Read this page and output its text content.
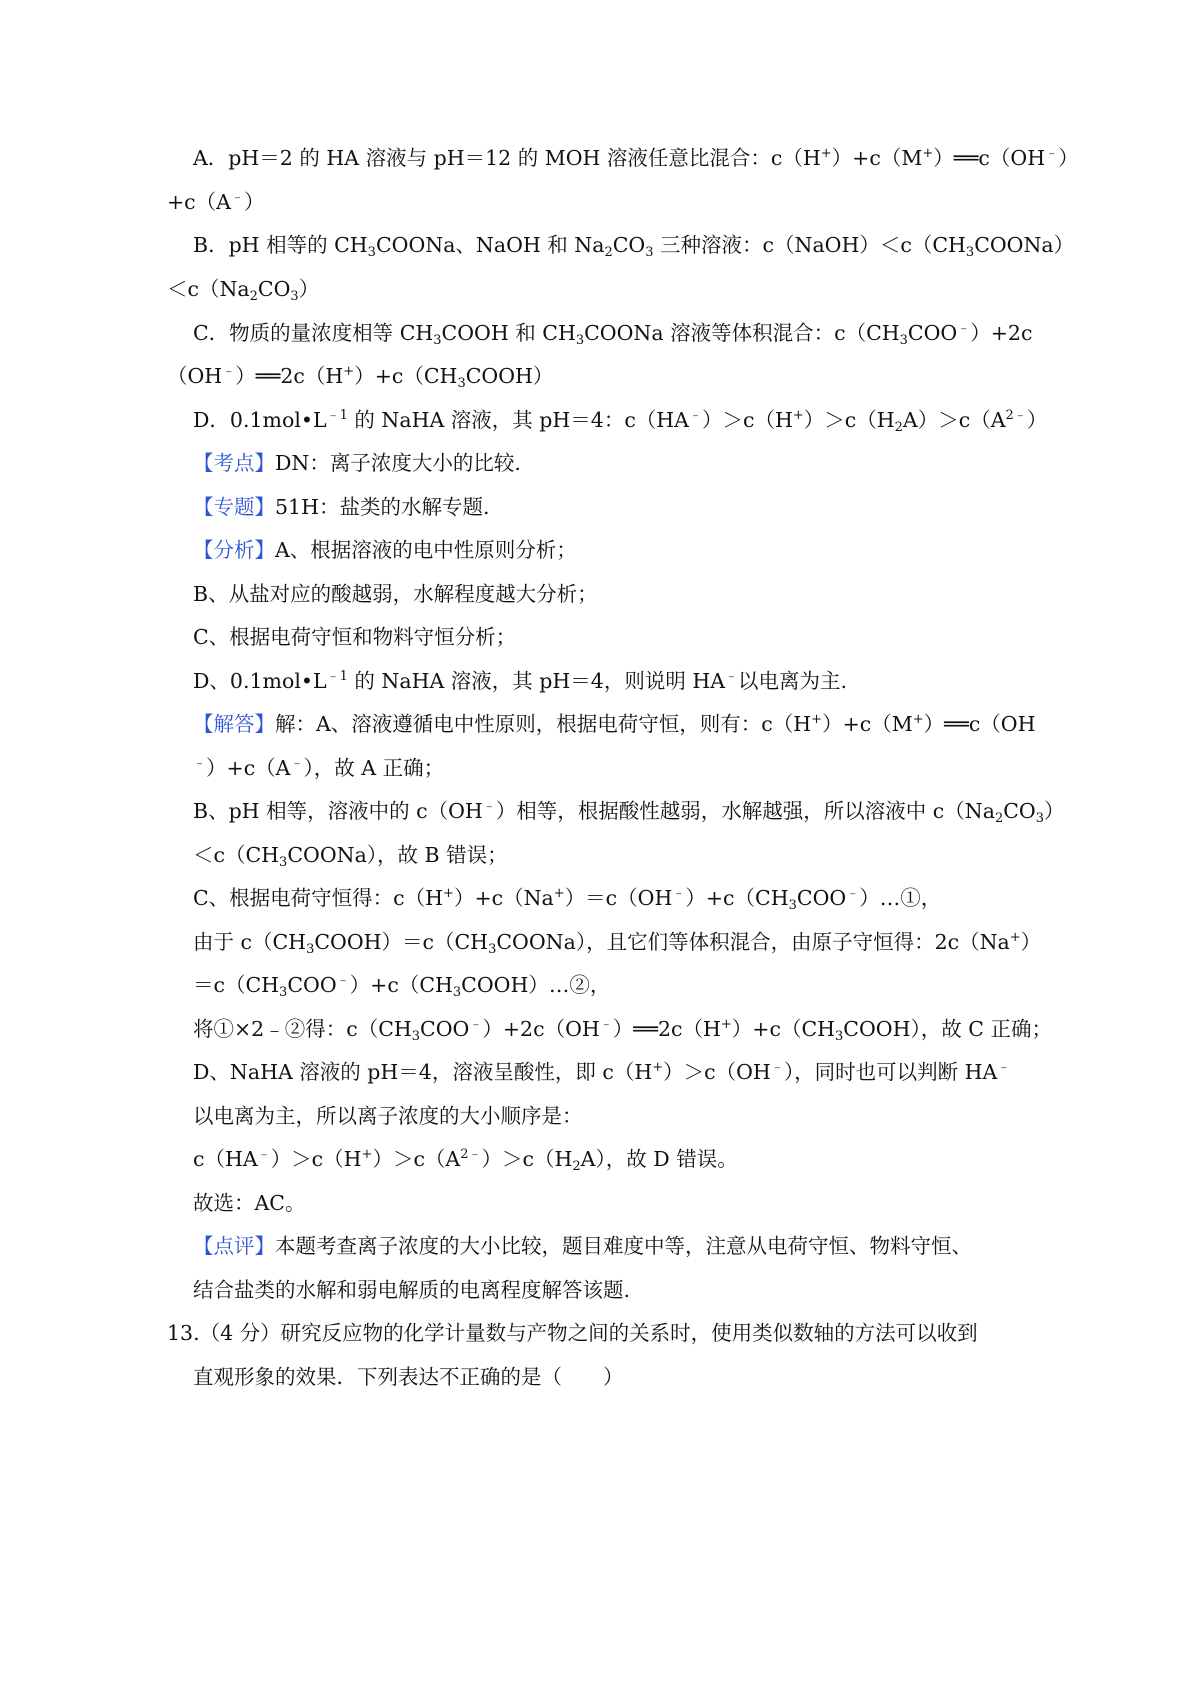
A．pH＝2 的 HA 溶液与 pH＝12 的 MOH 溶液任意比混合：c（H+）+c（M+）══c（OH﹣）
+c（A﹣）
B．pH 相等的 $CH_3COONa$、NaOH 和 $Na_2CO_3$ 三种溶液：$c(NaOH)<c(CH_3COONa)$
$<c(Na_2CO_3)$
C．物质的量浓度相等 $CH_3COOH$ 和 $CH_3COONa$ 溶液等体积混合：$c(CH_3COO^﹣)+2c$
$(OH^﹣)══2c(H^+)+c(CH_3COOH)$
D．$0.1mol•L^{﹣1}$ 的 NaHA 溶液，其 pH＝4：$c(HA^﹣)>c(H^+)>c(H_2A)>c(A^{2﹣})$
【考点】DN：离子浓度大小的比较.
【专题】51H：盐类的水解专题.
【分析】A、根据溶液的电中性原则分析；
B、从盐对应的酸越弱，水解程度越大分析；
C、根据电荷守恒和物料守恒分析；
D、$0.1mol•L^{﹣1}$ 的 NaHA 溶液，其 pH＝4，则说明 HA﹣以电离为主.
【解答】解：A、溶液遵循电中性原则，根据电荷守恒，则有：c（H+）+c（M+）══c（OH
﹣）+c（A﹣），故 A 正确；
B、pH 相等，溶液中的 c（OH﹣）相等，根据酸性越弱，水解越强，所以溶液中 $c(Na_2CO_3)$
$<c(CH_3COONa)$，故 B 错误；
C、根据电荷守恒得：$c(H^+)+c(Na^+)=c(OH^﹣)+c(CH_3COO^﹣)\dots ①$，
由于 $c(CH_3COOH)=c(CH_3COONa)$，且它们等体积混合，由原子守恒得：2c（Na+）
$=c(CH_3COO^﹣)+c(CH_3COOH)\dots ②$，
将①×2﹣②得：$c(CH_3COO^﹣)+2c(OH^﹣)══2c(H^+)+c(CH_3COOH)$，故 C 正确；
D、NaHA 溶液的 pH＝4，溶液呈酸性，即 c（H+）＞c（OH﹣），同时也可以判断 HA﹣
以电离为主，所以离子浓度的大小顺序是：
$c(HA^﹣)>c(H^+)>c(A^{2﹣})>c(H_2A)$，故 D 错误。
故选：AC。
【点评】本题考查离子浓度的大小比较，题目难度中等，注意从电荷守恒、物料守恒、
结合盐类的水解和弱电解质的电离程度解答该题.
13.（4 分）研究反应物的化学计量数与产物之间的关系时，使用类似数轴的方法可以收到
直观形象的效果．下列表达不正确的是（　　）
